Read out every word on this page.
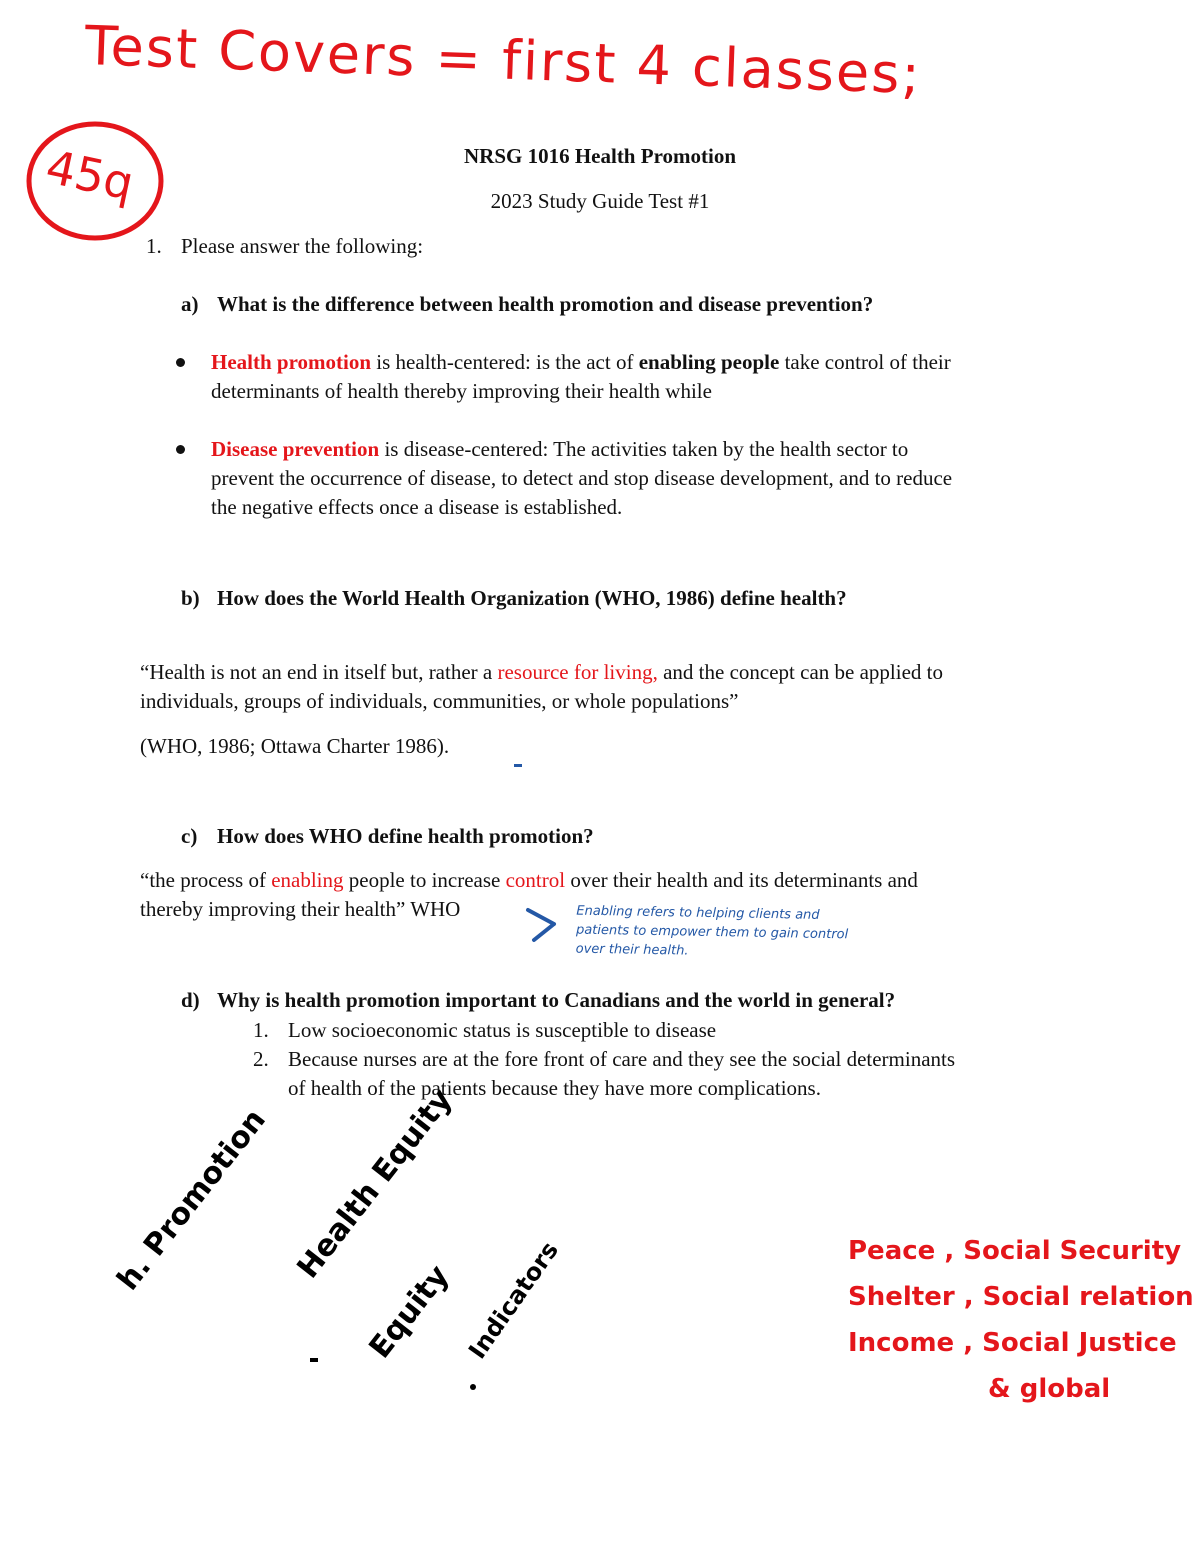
Test Covers = first 4 classes;
45q	NRSG 1016 Health Promotion
2023 Study Guide Test #1
1. Please answer the following:
a) What is the difference between health promotion and disease prevention?
Health promotion is health-centered: is the act of enabling people take control of their
determinants of health thereby improving their health while
Disease prevention is disease-centered: The activities taken by the health sector to
prevent the occurrence of disease, to detect and stop disease development, and to reduce
the negative effects once a disease is established.
b) How does the World Health Organization (WHO, 1986) define health?
“Health is not an end in itself but, rather a resource for living, and the concept can be applied to
individuals, groups of individuals, communities, or whole populations”
(WHO, 1986; Ottawa Charter 1986).
c) How does WHO define health promotion?
“the process of enabling people to increase control over their health and its determinants and
thereby improving their health” WHO	Enabling refers to helping clients and
patients to empower them to gain control
over their health.
d) Why is health promotion important to Canadians and the world in general?
1. Low socioeconomic status is susceptible to disease
2. Because nurses are at the fore front of care and they see the social determinants
of health of the patients because they have more complications.
h. Promotion Health Equity
Equity Indicators	Peace , Social Security
Shelter , Social relation
Income , Social Justice
& global
